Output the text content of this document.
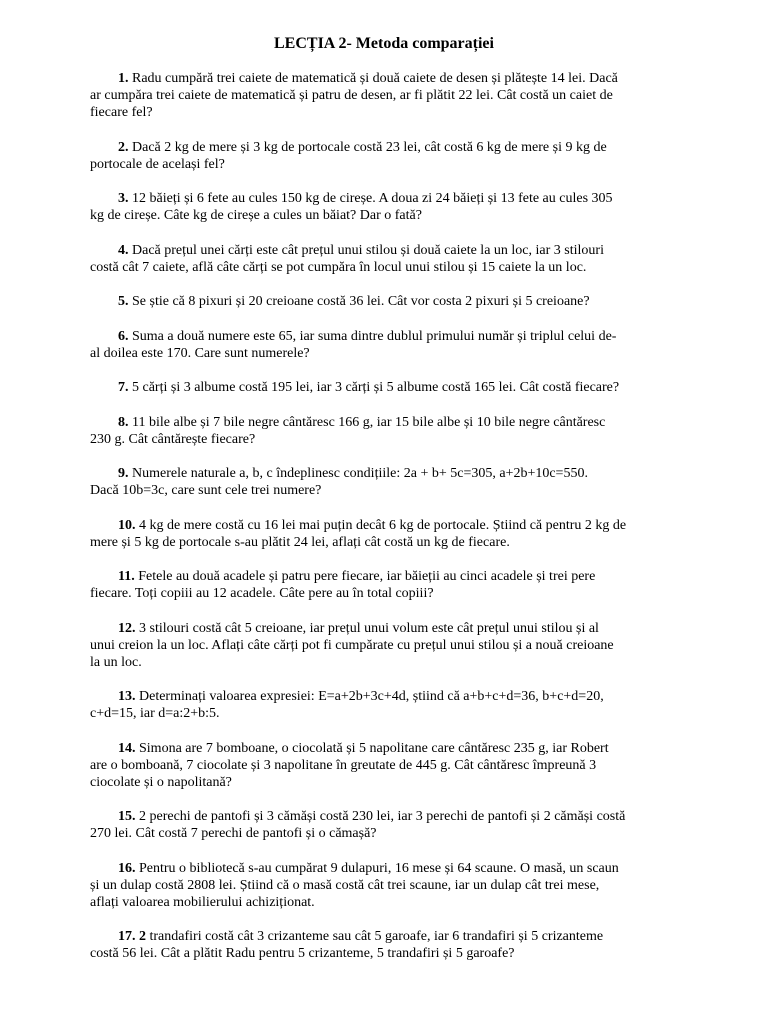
LECȚIA 2- Metoda comparației
1. Radu cumpără trei caiete de matematică și două caiete de desen și plătește 14 lei. Dacă
ar cumpăra trei caiete de matematică și patru de desen, ar fi plătit 22 lei. Cât costă un caiet de
fiecare fel?
2. Dacă 2 kg de mere și 3 kg de portocale costă 23 lei, cât costă 6 kg de mere și 9 kg de
portocale de același fel?
3. 12 băieți și 6 fete au cules 150 kg de cireșe. A doua zi 24 băieți și 13 fete au cules 305
kg de cireșe. Câte kg de cireșe a cules un băiat? Dar o fată?
4. Dacă prețul unei cărți este cât prețul unui stilou și două caiete la un loc, iar 3 stilouri
costă cât 7 caiete, află câte cărți se pot cumpăra în locul unui stilou și 15 caiete la un loc.
5. Se știe că 8 pixuri și 20 creioane costă 36 lei. Cât vor costa 2 pixuri și 5 creioane?
6. Suma a două numere este 65, iar suma dintre dublul primului număr și triplul celui de-
al doilea este 170. Care sunt numerele?
7. 5 cărți și 3 albume costă 195 lei, iar 3 cărți și 5 albume costă 165 lei. Cât costă fiecare?
8. 11 bile albe și 7 bile negre cântăresc 166 g, iar 15 bile albe și 10 bile negre cântăresc
230 g. Cât cântărește fiecare?
9. Numerele naturale a, b, c îndeplinesc condițiile: 2a + b+ 5c=305, a+2b+10c=550.
Dacă 10b=3c, care sunt cele trei numere?
10. 4 kg de mere costă cu 16 lei mai puțin decât 6 kg de portocale. Știind că pentru 2 kg de
mere și 5 kg de portocale s-au plătit 24 lei, aflați cât costă un kg de fiecare.
11. Fetele au două acadele și patru pere fiecare, iar băieții au cinci acadele și trei pere
fiecare. Toți copiii au 12 acadele. Câte pere au în total copiii?
12. 3 stilouri costă cât 5 creioane, iar prețul unui volum este cât prețul unui stilou și al
unui creion la un loc. Aflați câte cărți pot fi cumpărate cu prețul unui stilou și a nouă creioane
la un loc.
13. Determinați valoarea expresiei: E=a+2b+3c+4d, știind că a+b+c+d=36, b+c+d=20,
c+d=15, iar d=a:2+b:5.
14. Simona are 7 bomboane, o ciocolată și 5 napolitane care cântăresc 235 g, iar Robert
are o bomboană, 7 ciocolate și 3 napolitane în greutate de 445 g. Cât cântăresc împreună 3
ciocolate și o napolitană?
15. 2 perechi de pantofi și 3 cămăși costă 230 lei, iar 3 perechi de pantofi și 2 cămăși costă
270 lei. Cât costă 7 perechi de pantofi și o cămașă?
16. Pentru o bibliotecă s-au cumpărat 9 dulapuri, 16 mese și 64 scaune. O masă, un scaun
și un dulap costă 2808 lei. Știind că o masă costă cât trei scaune, iar un dulap cât trei mese,
aflați valoarea mobilierului achiziționat.
17. 2 trandafiri costă cât 3 crizanteme sau cât 5 garoafe, iar 6 trandafiri și 5 crizanteme
costă 56 lei. Cât a plătit Radu pentru 5 crizanteme, 5 trandafiri și 5 garoafe?
